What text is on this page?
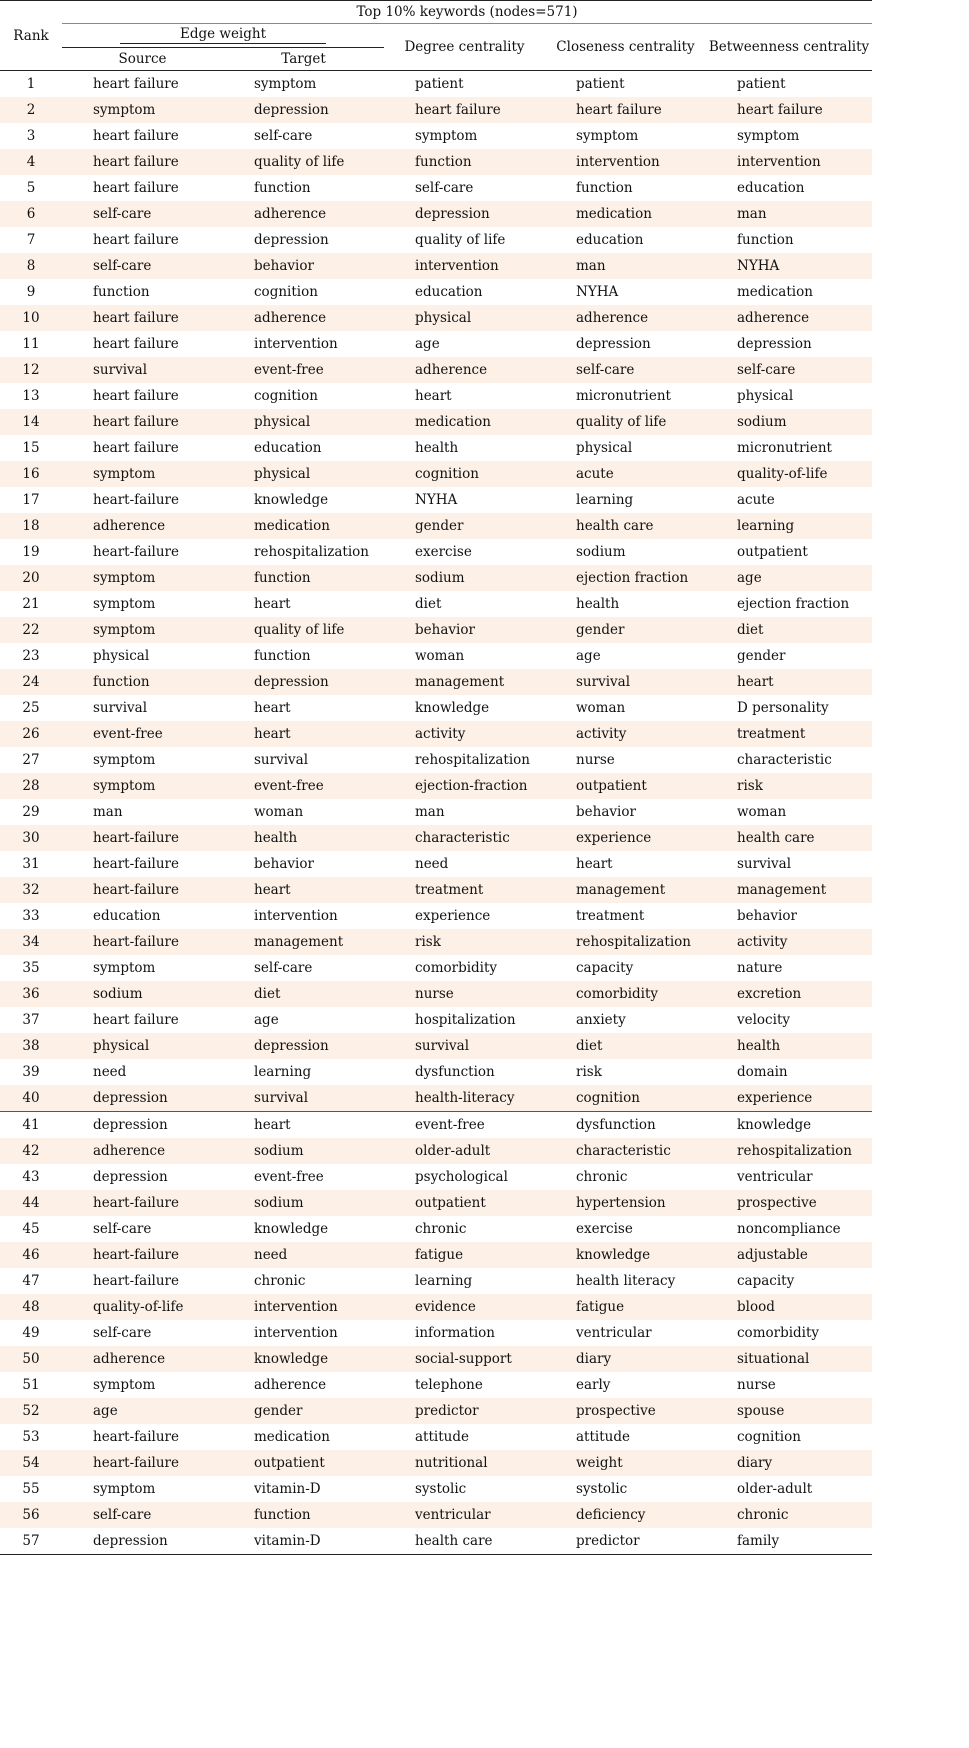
Rank	Top 10% keywords (nodes=571)				
	Edge weight		Degree centrality	Closeness centrality	Betweenness centrality
	Source	Target			
1	heart failure	symptom	patient	patient	patient
2	symptom	depression	heart failure	heart failure	heart failure
3	heart failure	self-care	symptom	symptom	symptom
4	heart failure	quality of life	function	intervention	intervention
5	heart failure	function	self-care	function	education
6	self-care	adherence	depression	medication	man
7	heart failure	depression	quality of life	education	function
8	self-care	behavior	intervention	man	NYHA
9	function	cognition	education	NYHA	medication
10	heart failure	adherence	physical	adherence	adherence
11	heart failure	intervention	age	depression	depression
12	survival	event-free	adherence	self-care	self-care
13	heart failure	cognition	heart	micronutrient	physical
14	heart failure	physical	medication	quality of life	sodium
15	heart failure	education	health	physical	micronutrient
16	symptom	physical	cognition	acute	quality-of-life
17	heart-failure	knowledge	NYHA	learning	acute
18	adherence	medication	gender	health care	learning
19	heart-failure	rehospitalization	exercise	sodium	outpatient
20	symptom	function	sodium	ejection fraction	age
21	symptom	heart	diet	health	ejection fraction
22	symptom	quality of life	behavior	gender	diet
23	physical	function	woman	age	gender
24	function	depression	management	survival	heart
25	survival	heart	knowledge	woman	D personality
26	event-free	heart	activity	activity	treatment
27	symptom	survival	rehospitalization	nurse	characteristic
28	symptom	event-free	ejection-fraction	outpatient	risk
29	man	woman	man	behavior	woman
30	heart-failure	health	characteristic	experience	health care
31	heart-failure	behavior	need	heart	survival
32	heart-failure	heart	treatment	management	management
33	education	intervention	experience	treatment	behavior
34	heart-failure	management	risk	rehospitalization	activity
35	symptom	self-care	comorbidity	capacity	nature
36	sodium	diet	nurse	comorbidity	excretion
37	heart failure	age	hospitalization	anxiety	velocity
38	physical	depression	survival	diet	health
39	need	learning	dysfunction	risk	domain
40	depression	survival	health-literacy	cognition	experience
41	depression	heart	event-free	dysfunction	knowledge
42	adherence	sodium	older-adult	characteristic	rehospitalization
43	depression	event-free	psychological	chronic	ventricular
44	heart-failure	sodium	outpatient	hypertension	prospective
45	self-care	knowledge	chronic	exercise	noncompliance
46	heart-failure	need	fatigue	knowledge	adjustable
47	heart-failure	chronic	learning	health literacy	capacity
48	quality-of-life	intervention	evidence	fatigue	blood
49	self-care	intervention	information	ventricular	comorbidity
50	adherence	knowledge	social-support	diary	situational
51	symptom	adherence	telephone	early	nurse
52	age	gender	predictor	prospective	spouse
53	heart-failure	medication	attitude	attitude	cognition
54	heart-failure	outpatient	nutritional	weight	diary
55	symptom	vitamin-D	systolic	systolic	older-adult
56	self-care	function	ventricular	deficiency	chronic
57	depression	vitamin-D	health care	predictor	family
